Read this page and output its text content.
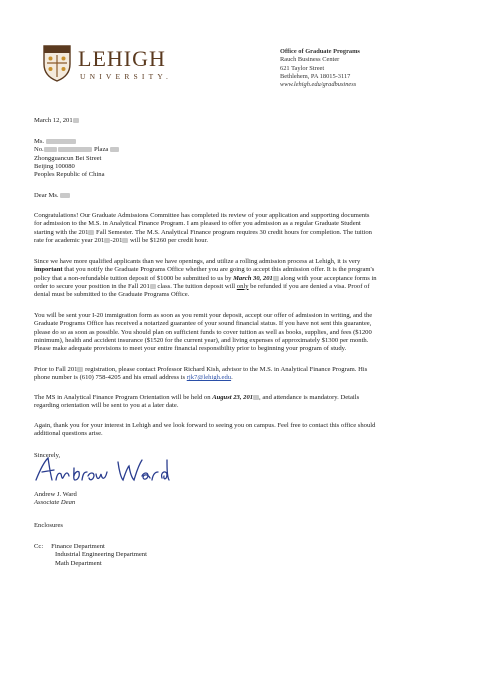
LEHIGH
UNIVERSITY.
Office of Graduate Programs
Rauch Business Center
621 Taylor Street
Bethlehem, PA 18015-3117
www.lehigh.edu/gradbusiness
March 12, 201
Ms.
No.	Plaza
Zhongguancun Bei Street
Beijing 100080
Peoples Republic of China
Dear Ms.
Congratulations! Our Graduate Admissions Committee has completed its review of your application and supporting documents
for admission to the M.S. in Analytical Finance Program. I am pleased to offer you admission as a regular Graduate Student
starting with the 201 Fall Semester. The M.S. Analytical Finance program requires 30 credit hours for completion. The tuition
rate for academic year 201 -201 will be $1260 per credit hour.
Since we have more qualified applicants than we have openings, and utilize a rolling admission process at Lehigh, it is very
important that you notify the Graduate Programs Office whether you are going to accept this admission offer. It is the program's
policy that a non-refundable tuition deposit of $1000 be submitted to us by March 30, 201 along with your acceptance forms in
order to secure your position in the Fall 201 class. The tuition deposit will only be refunded if you are denied a visa. Proof of
denial must be submitted to the Graduate Programs Office.
You will be sent your I-20 immigration form as soon as you remit your deposit, accept our offer of admission in writing, and the
Graduate Programs Office has received a notarized guarantee of your sound financial status. If you have not sent this guarantee,
please do so as soon as possible. You should plan on sufficient funds to cover tuition as well as books, supplies, and fees ($1200
minimum), health and accident insurance ($1520 for the current year), and living expenses of approximately $1300 per month.
Please make adequate provisions to meet your entire financial responsibility prior to beginning your program of study.
Prior to Fall 201 registration, please contact Professor Richard Kish, advisor to the M.S. in Analytical Finance Program. His
phone number is (610) 758-4205 and his email address is rjk7@lehigh.edu.
The MS in Analytical Finance Program Orientation will be held on August 23, 201 , and attendance is mandatory. Details
regarding orientation will be sent to you at a later date.
Again, thank you for your interest in Lehigh and we look forward to seeing you on campus. Feel free to contact this office should
additional questions arise.
Sincerely,
Andrew J. Ward
Associate Dean
Enclosures
Cc: Finance Department
Industrial Engineering Department
Math Department
